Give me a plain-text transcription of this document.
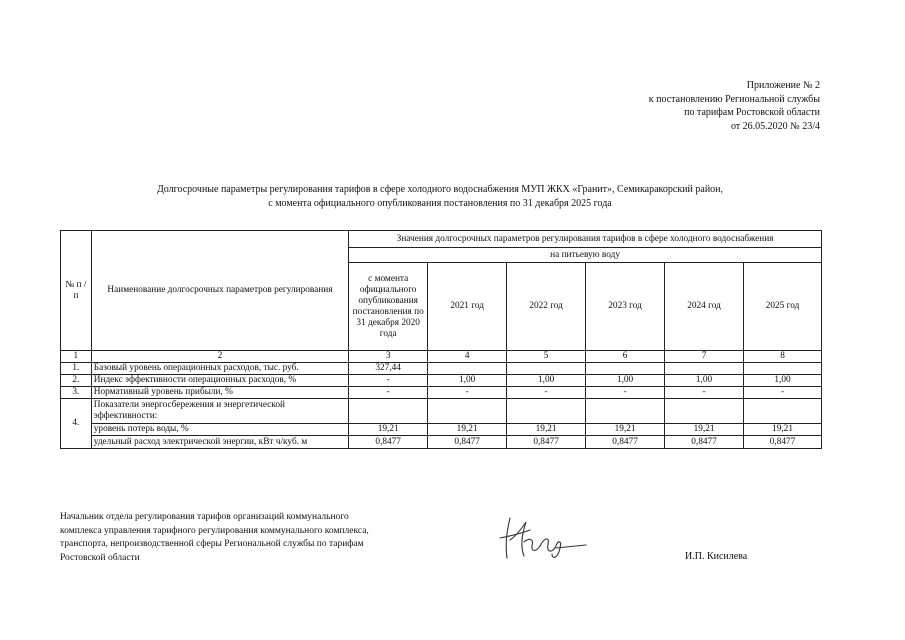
Приложение № 2
к постановлению Региональной службы
по тарифам Ростовской области
от 26.05.2020 № 23/4
Долгосрочные параметры регулирования тарифов в сфере холодного водоснабжения МУП ЖКХ «Гранит», Семикаракорский район,
с момента официального опубликования постановления по 31 декабря 2025 года
№ п /п	Наименование долгосрочных параметров регулирования	Значения долгосрочных параметров регулирования тарифов в сфере холодного водоснабжения					
		на питьевую воду					
		с момента официального опубликования постановления по 31 декабря 2020 года	2021 год	2022 год	2023 год	2024 год	2025 год
1	2	3	4	5	6	7	8
1.	Базовый уровень операционных расходов, тыс. руб.	327,44					
2.	Индекс эффективности операционных расходов, %	-	1,00	1,00	1,00	1,00	1,00
3.	Нормативный уровень прибыли, %	-	-	-	-	-	-
4.	Показатели энергосбережения и энергетической эффективности:						
	уровень потерь воды, %	19,21	19,21	19,21	19,21	19,21	19,21
	удельный расход электрической энергии, кВт ч/куб. м	0,8477	0,8477	0,8477	0,8477	0,8477	0,8477
Начальник отдела регулирования тарифов организаций коммунального
комплекса управления тарифного регулирования коммунального комплекса,
транспорта, непроизводственной сферы Региональной службы по тарифам
Ростовской области	И.П. Кисилева
